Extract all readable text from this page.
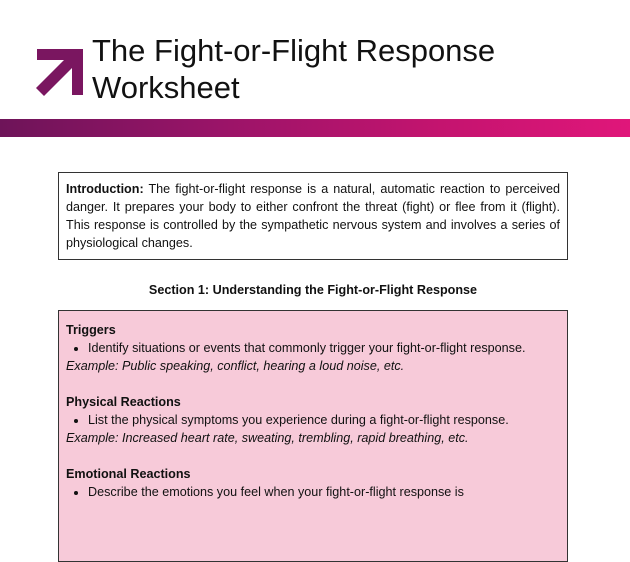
The Fight-or-Flight Response
Worksheet
Introduction: The fight-or-flight response is a natural, automatic reaction to perceived danger. It prepares your body to either confront the threat (fight) or flee from it (flight). This response is controlled by the sympathetic nervous system and involves a series of physiological changes.
Section 1: Understanding the Fight-or-Flight Response
Triggers
• Identify situations or events that commonly trigger your fight-or-flight response.

Example: Public speaking, conflict, hearing a loud noise, etc.

Physical Reactions
• List the physical symptoms you experience during a fight-or-flight response.

Example: Increased heart rate, sweating, trembling, rapid breathing, etc.

Emotional Reactions
• Describe the emotions you feel when your fight-or-flight response is
